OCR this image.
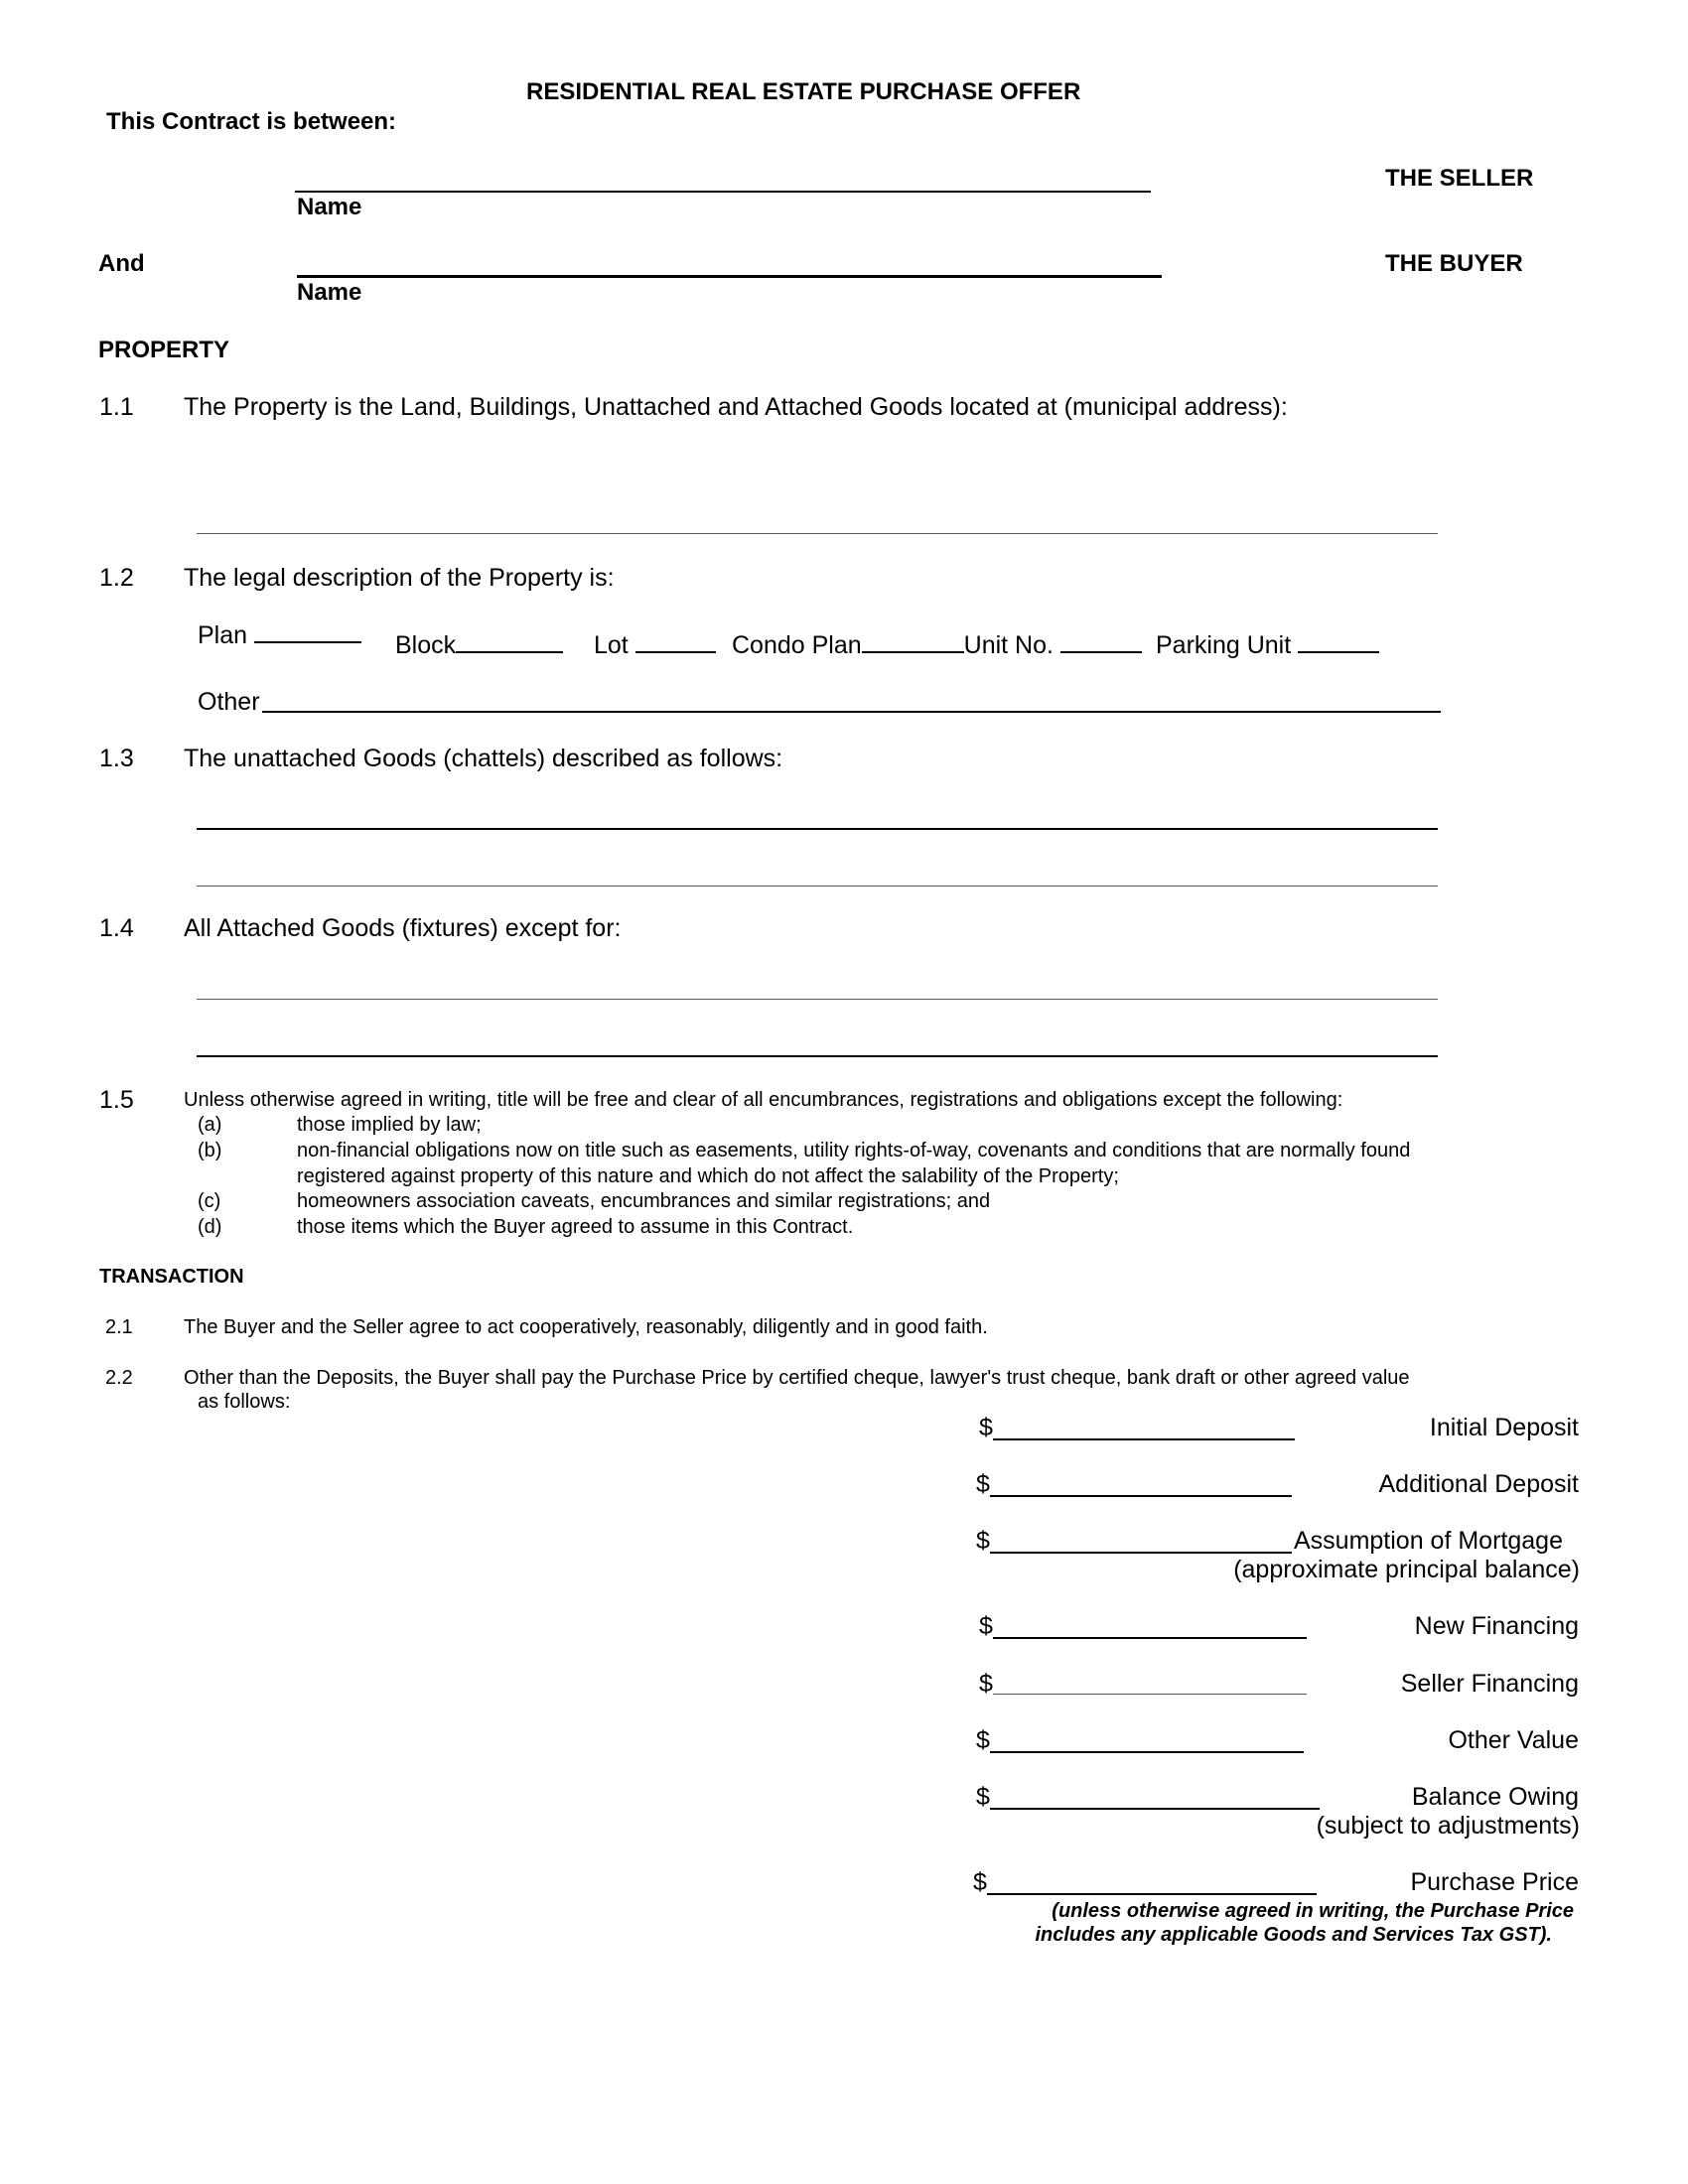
RESIDENTIAL REAL ESTATE PURCHASE OFFER
This Contract is between:
Name
THE SELLER
And
Name
THE BUYER
PROPERTY
1.1 The Property is the Land, Buildings, Unattached and Attached Goods located at (municipal address):
1.2 The legal description of the Property is:
Plan	Block	Lot	Condo Plan	Unit No.	Parking Unit
Other
1.3 The unattached Goods (chattels) described as follows:
1.4 All Attached Goods (fixtures) except for:
1.5	Unless otherwise agreed in writing, title will be free and clear of all encumbrances, registrations and obligations except the following:
(a)	those implied by law;
(b)	non-financial obligations now on title such as easements, utility rights-of-way, covenants and conditions that are normally found
registered against property of this nature and which do not affect the salability of the Property;
(c)	homeowners association caveats, encumbrances and similar registrations; and
(d)	those items which the Buyer agreed to assume in this Contract.
TRANSACTION
2.1	The Buyer and the Seller agree to act cooperatively, reasonably, diligently and in good faith.
2.2	Other than the Deposits, the Buyer shall pay the Purchase Price by certified cheque, lawyer's trust cheque, bank draft or other agreed value
as follows:
$	Initial Deposit
$	Additional Deposit
$	Assumption of Mortgage
(approximate principal balance)
$	New Financing
$	Seller Financing
$	Other Value
$	Balance Owing
(subject to adjustments)
$	Purchase Price
(unless otherwise agreed in writing, the Purchase Price
includes any applicable Goods and Services Tax GST).
